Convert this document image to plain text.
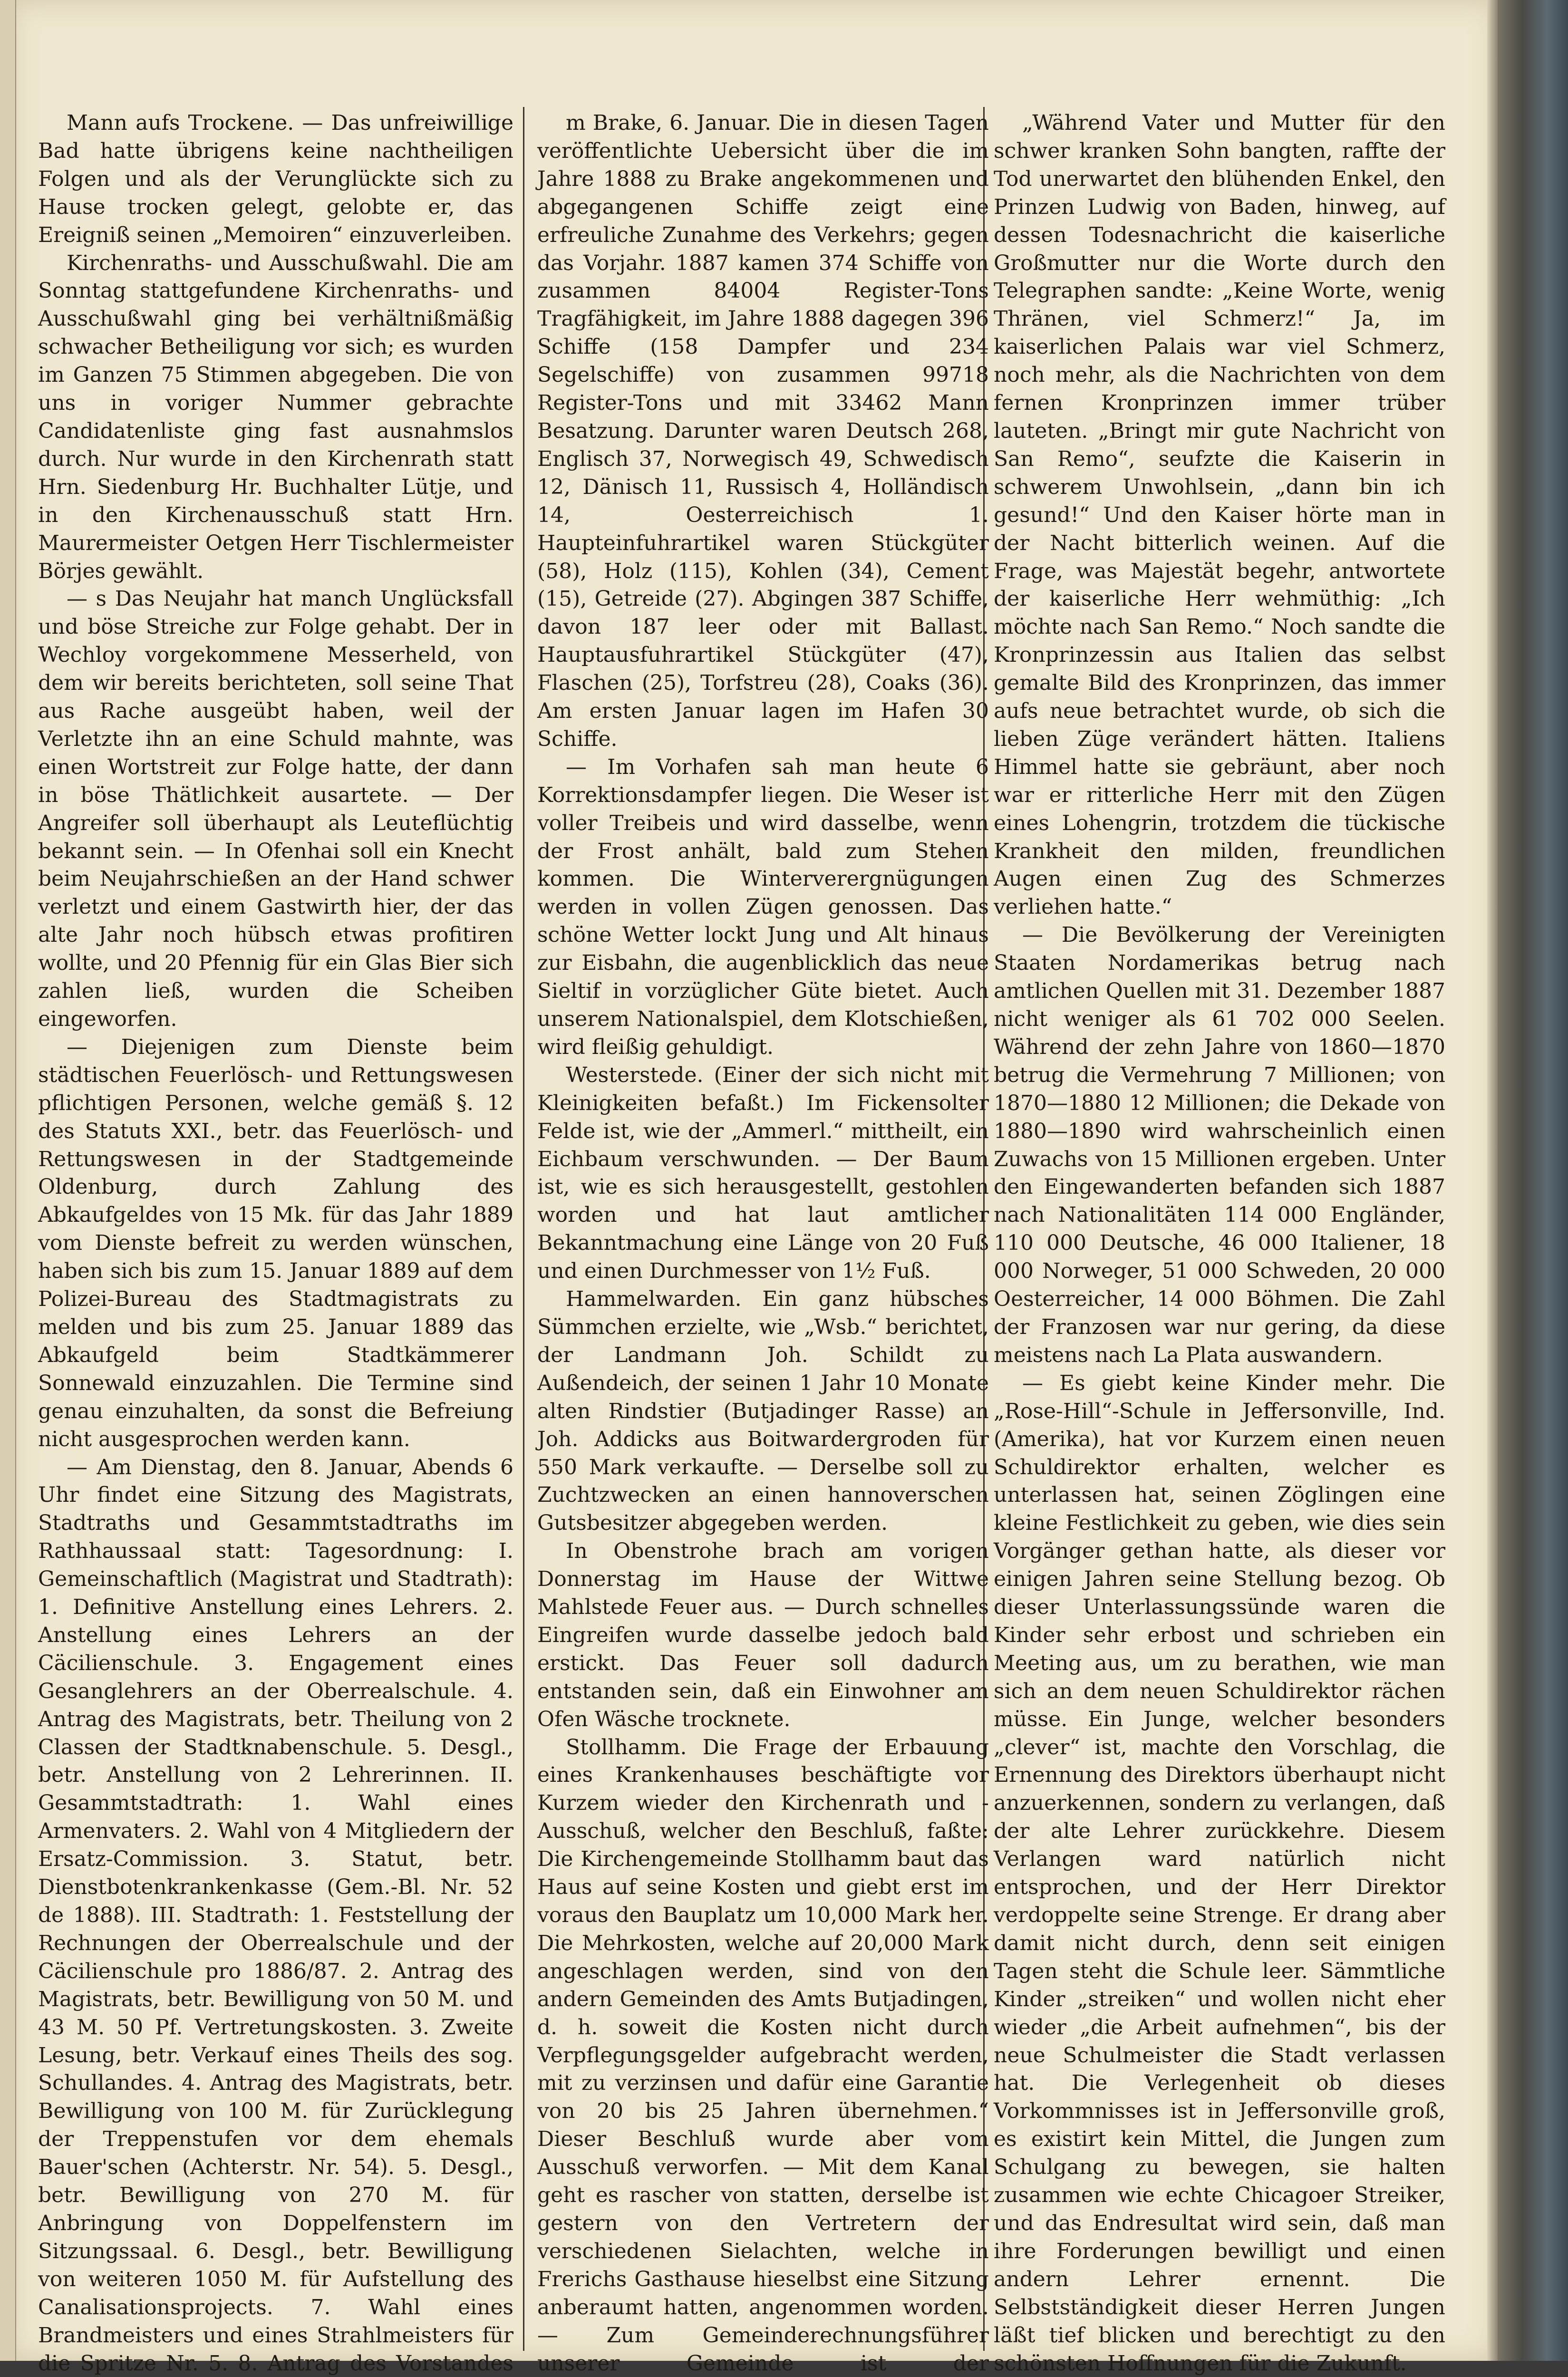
Mann aufs Trockene. — Das unfreiwillige Bad hatte übrigens keine nachtheiligen Folgen und als der Verunglückte sich zu Hause trocken gelegt, gelobte er, das Ereigniß seinen „Memoiren“ einzuverleiben.

Kirchenraths- und Ausschußwahl. Die am Sonntag stattgefundene Kirchenraths- und Ausschußwahl ging bei verhältnißmäßig schwacher Betheiligung vor sich; es wurden im Ganzen 75 Stimmen abgegeben. Die von uns in voriger Nummer gebrachte Candidatenliste ging fast ausnahmslos durch. Nur wurde in den Kirchenrath statt Hrn. Siedenburg Hr. Buchhalter Lütje, und in den Kirchenausschuß statt Hrn. Maurermeister Oetgen Herr Tischlermeister Börjes gewählt.

— s Das Neujahr hat manch Unglücksfall und böse Streiche zur Folge gehabt. Der in Wechloy vorgekommene Messerheld, von dem wir bereits berichteten, soll seine That aus Rache ausgeübt haben, weil der Verletzte ihn an eine Schuld mahnte, was einen Wortstreit zur Folge hatte, der dann in böse Thätlichkeit ausartete. — Der Angreifer soll überhaupt als Leuteflüchtig bekannt sein. — In Ofenhai soll ein Knecht beim Neujahrschießen an der Hand schwer verletzt und einem Gastwirth hier, der das alte Jahr noch hübsch etwas profitiren wollte, und 20 Pfennig für ein Glas Bier sich zahlen ließ, wurden die Scheiben eingeworfen.

— Diejenigen zum Dienste beim städtischen Feuerlösch- und Rettungswesen pflichtigen Personen, welche gemäß §. 12 des Statuts XXI., betr. das Feuerlösch- und Rettungswesen in der Stadtgemeinde Oldenburg, durch Zahlung des Abkaufgeldes von 15 Mk. für das Jahr 1889 vom Dienste befreit zu werden wünschen, haben sich bis zum 15. Januar 1889 auf dem Polizei-Bureau des Stadtmagistrats zu melden und bis zum 25. Januar 1889 das Abkaufgeld beim Stadtkämmerer Sonnewald einzuzahlen. Die Termine sind genau einzuhalten, da sonst die Befreiung nicht ausgesprochen werden kann.

— Am Dienstag, den 8. Januar, Abends 6 Uhr findet eine Sitzung des Magistrats, Stadtraths und Gesammtstadtraths im Rathhaussaal statt: Tagesordnung: I. Gemeinschaftlich (Magistrat und Stadtrath): 1. Definitive Anstellung eines Lehrers. 2. Anstellung eines Lehrers an der Cäcilienschule. 3. Engagement eines Gesanglehrers an der Oberrealschule. 4. Antrag des Magistrats, betr. Theilung von 2 Classen der Stadtknabenschule. 5. Desgl., betr. Anstellung von 2 Lehrerinnen. II. Gesammtstadtrath: 1. Wahl eines Armenvaters. 2. Wahl von 4 Mitgliedern der Ersatz-Commission. 3. Statut, betr. Dienstbotenkrankenkasse (Gem.-Bl. Nr. 52 de 1888). III. Stadtrath: 1. Feststellung der Rechnungen der Oberrealschule und der Cäcilienschule pro 1886/87. 2. Antrag des Magistrats, betr. Bewilligung von 50 M. und 43 M. 50 Pf. Vertretungskosten. 3. Zweite Lesung, betr. Verkauf eines Theils des sog. Schullandes. 4. Antrag des Magistrats, betr. Bewilligung von 100 M. für Zurücklegung der Treppenstufen vor dem ehemals Bauer'schen (Achterstr. Nr. 54). 5. Desgl., betr. Bewilligung von 270 M. für Anbringung von Doppelfenstern im Sitzungssaal. 6. Desgl., betr. Bewilligung von weiteren 1050 M. für Aufstellung des Canalisationsprojects. 7. Wahl eines Brandmeisters und eines Strahlmeisters für die Spritze Nr. 5. 8. Antrag des Vorstandes

m Brake, 6. Januar. Die in diesen Tagen veröffentlichte Uebersicht über die im Jahre 1888 zu Brake angekommenen und abgegangenen Schiffe zeigt eine erfreuliche Zunahme des Verkehrs; gegen das Vorjahr. 1887 kamen 374 Schiffe von zusammen 84004 Register-Tons Tragfähigkeit, im Jahre 1888 dagegen 396 Schiffe (158 Dampfer und 234 Segelschiffe) von zusammen 99718 Register-Tons und mit 33462 Mann Besatzung. Darunter waren Deutsch 268, Englisch 37, Norwegisch 49, Schwedisch 12, Dänisch 11, Russisch 4, Holländisch 14, Oesterreichisch 1. Haupteinfuhrartikel waren Stückgüter (58), Holz (115), Kohlen (34), Cement (15), Getreide (27). Abgingen 387 Schiffe, davon 187 leer oder mit Ballast. Hauptausfuhrartikel Stückgüter (47), Flaschen (25), Torfstreu (28), Coaks (36). Am ersten Januar lagen im Hafen 30 Schiffe.

— Im Vorhafen sah man heute 6 Korrektionsdampfer liegen. Die Weser ist voller Treibeis und wird dasselbe, wenn der Frost anhält, bald zum Stehen kommen. Die Winterverergnügungen werden in vollen Zügen genossen. Das schöne Wetter lockt Jung und Alt hinaus zur Eisbahn, die augenblicklich das neue Sieltif in vorzüglicher Güte bietet. Auch unserem Nationalspiel, dem Klotschießen, wird fleißig gehuldigt.

Westerstede. (Einer der sich nicht mit Kleinigkeiten befaßt.) Im Fickensolter Felde ist, wie der „Ammerl.“ mittheilt, ein Eichbaum verschwunden. — Der Baum ist, wie es sich herausgestellt, gestohlen worden und hat laut amtlicher Bekanntmachung eine Länge von 20 Fuß und einen Durchmesser von 1½ Fuß.

Hammelwarden. Ein ganz hübsches Sümmchen erzielte, wie „Wsb.“ berichtet, der Landmann Joh. Schildt zu Außendeich, der seinen 1 Jahr 10 Monate alten Rindstier (Butjadinger Rasse) an Joh. Addicks aus Boitwardergroden für 550 Mark verkaufte. — Derselbe soll zu Zuchtzwecken an einen hannoverschen Gutsbesitzer abgegeben werden.

In Obenstrohe brach am vorigen Donnerstag im Hause der Wittwe Mahlstede Feuer aus. — Durch schnelles Eingreifen wurde dasselbe jedoch bald erstickt. Das Feuer soll dadurch entstanden sein, daß ein Einwohner am Ofen Wäsche trocknete.

Stollhamm. Die Frage der Erbauung eines Krankenhauses beschäftigte vor Kurzem wieder den Kirchenrath und -Ausschuß, welcher den Beschluß, faßte: Die Kirchengemeinde Stollhamm baut das Haus auf seine Kosten und giebt erst im voraus den Bauplatz um 10,000 Mark her. Die Mehrkosten, welche auf 20,000 Mark angeschlagen werden, sind von den andern Gemeinden des Amts Butjadingen, d. h. soweit die Kosten nicht durch Verpflegungsgelder aufgebracht werden, mit zu verzinsen und dafür eine Garantie von 20 bis 25 Jahren übernehmen.“ Dieser Beschluß wurde aber vom Ausschuß verworfen. — Mit dem Kanal geht es rascher von statten, derselbe ist gestern von den Vertretern der verschiedenen Sielachten, welche in Frerichs Gasthause hieselbst eine Sitzung anberaumt hatten, angenommen worden. — Zum Gemeinderechnungsführer unserer Gemeinde ist der

„Während Vater und Mutter für den schwer kranken Sohn bangten, raffte der Tod unerwartet den blühenden Enkel, den Prinzen Ludwig von Baden, hinweg, auf dessen Todesnachricht die kaiserliche Großmutter nur die Worte durch den Telegraphen sandte: „Keine Worte, wenig Thränen, viel Schmerz!“ Ja, im kaiserlichen Palais war viel Schmerz, noch mehr, als die Nachrichten von dem fernen Kronprinzen immer trüber lauteten. „Bringt mir gute Nachricht von San Remo“, seufzte die Kaiserin in schwerem Unwohlsein, „dann bin ich gesund!“ Und den Kaiser hörte man in der Nacht bitterlich weinen. Auf die Frage, was Majestät begehr, antwortete der kaiserliche Herr wehmüthig: „Ich möchte nach San Remo.“ Noch sandte die Kronprinzessin aus Italien das selbst gemalte Bild des Kronprinzen, das immer aufs neue betrachtet wurde, ob sich die lieben Züge verändert hätten. Italiens Himmel hatte sie gebräunt, aber noch war er ritterliche Herr mit den Zügen eines Lohengrin, trotzdem die tückische Krankheit den milden, freundlichen Augen einen Zug des Schmerzes verliehen hatte.“

— Die Bevölkerung der Vereinigten Staaten Nordamerikas betrug nach amtlichen Quellen mit 31. Dezember 1887 nicht weniger als 61 702 000 Seelen. Während der zehn Jahre von 1860—1870 betrug die Vermehrung 7 Millionen; von 1870—1880 12 Millionen; die Dekade von 1880—1890 wird wahrscheinlich einen Zuwachs von 15 Millionen ergeben. Unter den Eingewanderten befanden sich 1887 nach Nationalitäten 114 000 Engländer, 110 000 Deutsche, 46 000 Italiener, 18 000 Norweger, 51 000 Schweden, 20 000 Oesterreicher, 14 000 Böhmen. Die Zahl der Franzosen war nur gering, da diese meistens nach La Plata auswandern.

— Es giebt keine Kinder mehr. Die „Rose-Hill“-Schule in Jeffersonville, Ind. (Amerika), hat vor Kurzem einen neuen Schuldirektor erhalten, welcher es unterlassen hat, seinen Zöglingen eine kleine Festlichkeit zu geben, wie dies sein Vorgänger gethan hatte, als dieser vor einigen Jahren seine Stellung bezog. Ob dieser Unterlassungssünde waren die Kinder sehr erbost und schrieben ein Meeting aus, um zu berathen, wie man sich an dem neuen Schuldirektor rächen müsse. Ein Junge, welcher besonders „clever“ ist, machte den Vorschlag, die Ernennung des Direktors überhaupt nicht anzuerkennen, sondern zu verlangen, daß der alte Lehrer zurückkehre. Diesem Verlangen ward natürlich nicht entsprochen, und der Herr Direktor verdoppelte seine Strenge. Er drang aber damit nicht durch, denn seit einigen Tagen steht die Schule leer. Sämmtliche Kinder „streiken“ und wollen nicht eher wieder „die Arbeit aufnehmen“, bis der neue Schulmeister die Stadt verlassen hat. Die Verlegenheit ob dieses Vorkommnisses ist in Jeffersonville groß, es existirt kein Mittel, die Jungen zum Schulgang zu bewegen, sie halten zusammen wie echte Chicagoer Streiker, und das Endresultat wird sein, daß man ihre Forderungen bewilligt und einen andern Lehrer ernennt. Die Selbstständigkeit dieser Herren Jungen läßt tief blicken und berechtigt zu den schönsten Hoffnungen für die Zukunft.
